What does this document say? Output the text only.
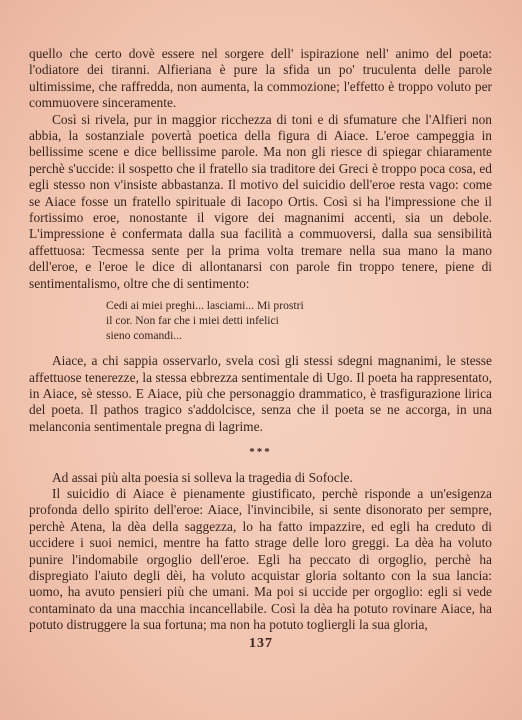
quello che certo dovè essere nel sorgere dell' ispirazione nell' animo del poeta: l'odiatore dei tiranni. Alfieriana è pure la sfida un po' truculenta delle parole ultimissime, che raffredda, non aumenta, la commozione; l'effetto è troppo voluto per commuovere sinceramente.

Così si rivela, pur in maggior ricchezza di toni e di sfumature che l'Alfieri non abbia, la sostanziale povertà poetica della figura di Aiace. L'eroe campeggia in bellissime scene e dice bellissime parole. Ma non gli riesce di spiegar chiaramente perchè s'uccide: il sospetto che il fratello sia traditore dei Greci è troppo poca cosa, ed egli stesso non v'insiste abbastanza. Il motivo del suicidio dell'eroe resta vago: come se Aiace fosse un fratello spirituale di Iacopo Ortis. Così si ha l'impressione che il fortissimo eroe, nonostante il vigore dei magnanimi accenti, sia un debole. L'impressione è confermata dalla sua facilità a commuoversi, dalla sua sensibilità affettuosa: Tecmessa sente per la prima volta tremare nella sua mano la mano dell'eroe, e l'eroe le dice di allontanarsi con parole fin troppo tenere, piene di sentimentalismo, oltre che di sentimento:

Cedi ai miei preghi... lasciami... Mi prostri
il cor. Non far che i miei detti infelici
sieno comandi...

Aiace, a chi sappia osservarlo, svela così gli stessi sdegni magnanimi, le stesse affettuose tenerezze, la stessa ebbrezza sentimentale di Ugo. Il poeta ha rappresentato, in Aiace, sè stesso. E Aiace, più che personaggio drammatico, è trasfigurazione lirica del poeta. Il pathos tragico s'addolcisce, senza che il poeta se ne accorga, in una melanconia sentimentale pregna di lagrime.

***

Ad assai più alta poesia si solleva la tragedia di Sofocle.

Il suicidio di Aiace è pienamente giustificato, perchè risponde a un'esigenza profonda dello spirito dell'eroe: Aiace, l'invincibile, si sente disonorato per sempre, perchè Atena, la dèa della saggezza, lo ha fatto impazzire, ed egli ha creduto di uccidere i suoi nemici, mentre ha fatto strage delle loro greggi. La dèa ha voluto punire l'indomabile orgoglio dell'eroe. Egli ha peccato di orgoglio, perchè ha dispregiato l'aiuto degli dèi, ha voluto acquistar gloria soltanto con la sua lancia: uomo, ha avuto pensieri più che umani. Ma poi si uccide per orgoglio: egli si vede contaminato da una macchia incancellabile. Così la dèa ha potuto rovinare Aiace, ha potuto distruggere la sua fortuna; ma non ha potuto togliergli la sua gloria,

137
